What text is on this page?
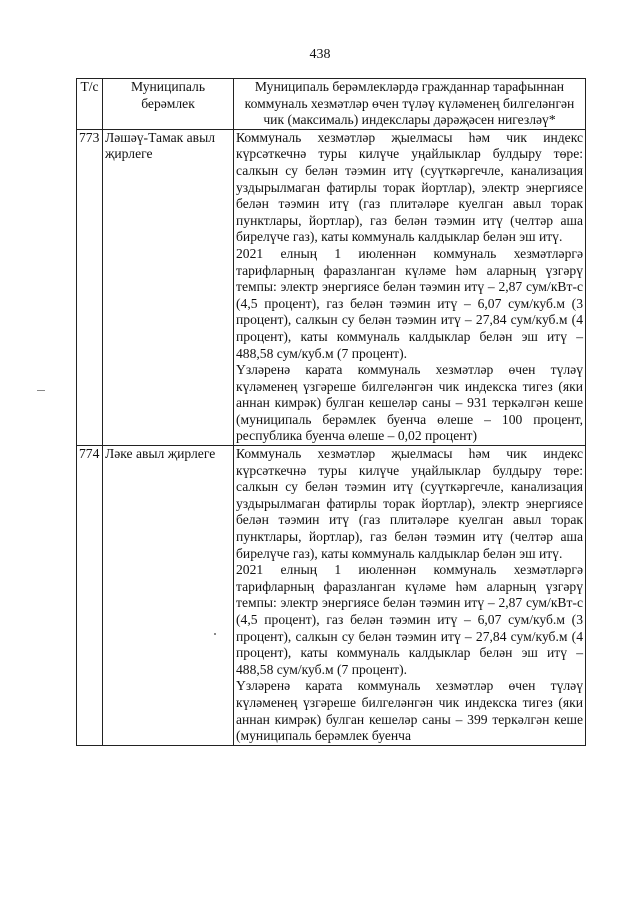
438
Т/с	Муниципаль берәмлек	Муниципаль берәмлекләрдә гражданнар тарафыннан коммуналь хезмәтләр өчен түләү күләменең билгеләнгән чик (максималь) индекслары дәрәҗәсен нигезләү*
773	Ләшәү-Тамак авыл җирлеге	Коммуналь хезмәтләр җыелмасы һәм чик индекс күрсәткечнә туры килүче уңайлыклар булдыру төре: салкын су белән тәэмин итү (суүткәргечле, канализация уздырылмаган фатирлы торак йортлар), электр энергиясе белән тәэмин итү (газ плитәләре куелган авыл торак пунктлары, йортлар), газ белән тәэмин итү (челтәр аша бирелүче газ), каты коммуналь калдыклар белән эш итү.

2021 елның 1 июленнән коммуналь хезмәтләргә тарифларның фаразланган күләме һәм аларның үзгәрү темпы: электр энергиясе белән тәэмин итү – 2,87 сум/кВт-с (4,5 процент), газ белән тәэмин итү – 6,07 сум/куб.м (3 процент), салкын су белән тәэмин итү – 27,84 сум/куб.м (4 процент), каты коммуналь калдыклар белән эш итү – 488,58 сум/куб.м (7 процент).

Үзләренә карата коммуналь хезмәтләр өчен түләү күләменең үзгәреше билгеләнгән чик индекска тигез (яки аннан кимрәк) булган кешеләр саны – 931 теркәлгән кеше (муниципаль берәмлек буенча өлеше – 100 процент, республика буенча өлеше – 0,02 процент)

774	Ләке авыл җирлеге	Коммуналь хезмәтләр җыелмасы һәм чик индекс күрсәткечнә туры килүче уңайлыклар булдыру төре: салкын су белән тәэмин итү (суүткәргечле, канализация уздырылмаган фатирлы торак йортлар), электр энергиясе белән тәэмин итү (газ плитәләре куелган авыл торак пунктлары, йортлар), газ белән тәэмин итү (челтәр аша бирелүче газ), каты коммуналь калдыклар белән эш итү.

2021 елның 1 июленнән коммуналь хезмәтләргә тарифларның фаразланган күләме һәм аларның үзгәрү темпы: электр энергиясе белән тәэмин итү – 2,87 сум/кВт-с (4,5 процент), газ белән тәэмин итү – 6,07 сум/куб.м (3 процент), салкын су белән тәэмин итү – 27,84 сум/куб.м (4 процент), каты коммуналь калдыклар белән эш итү – 488,58 сум/куб.м (7 процент).

Үзләренә карата коммуналь хезмәтләр өчен түләү күләменең үзгәреше билгеләнгән чик индекска тигез (яки аннан кимрәк) булган кешеләр саны – 399 теркәлгән кеше (муниципаль берәмлек буенча
